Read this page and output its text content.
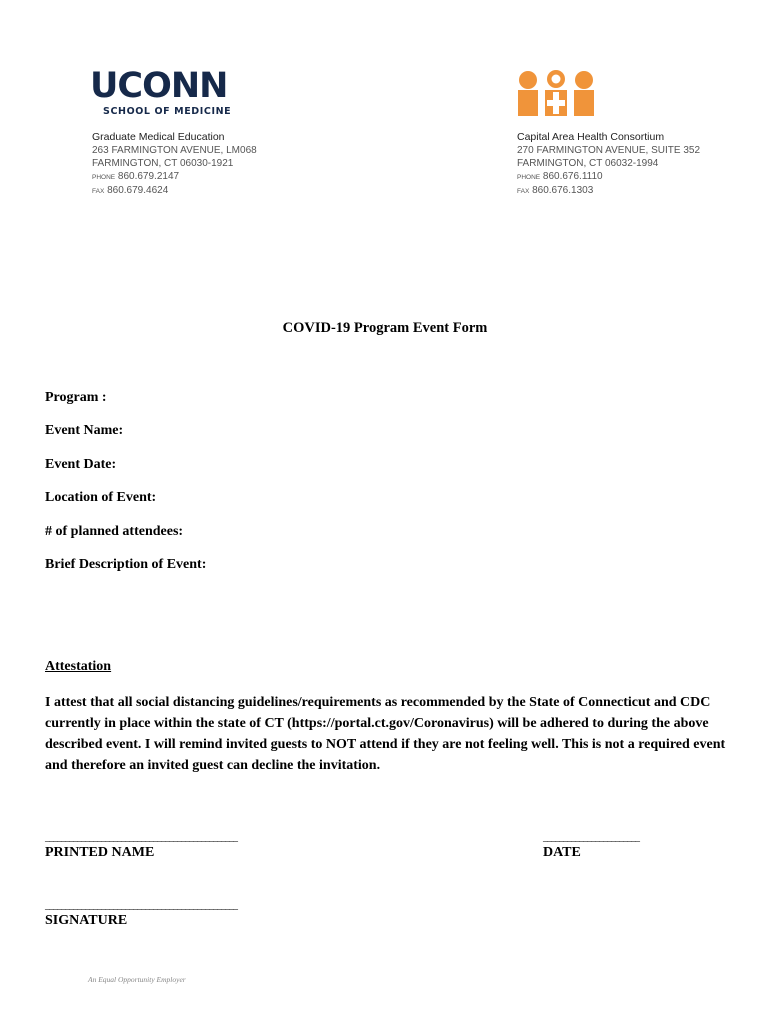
UCONN
SCHOOL OF MEDICINE
Graduate Medical Education
263 FARMINGTON AVENUE, LM068
FARMINGTON, CT 06030-1921
PHONE 860.679.2147
FAX 860.679.4624
Capital Area Health Consortium
270 FARMINGTON AVENUE, SUITE 352
FARMINGTON, CT 06032-1994
PHONE 860.676.1110
FAX 860.676.1303
COVID-19 Program Event Form
Program :
Event Name:
Event Date:
Location of Event:
# of planned attendees:
Brief Description of Event:
Attestation
I attest that all social distancing guidelines/requirements as recommended by the State of Connecticut and CDC currently in place within the state of CT (https://portal.ct.gov/Coronavirus) will be adhered to during the above described event. I will remind invited guests to NOT attend if they are not feeling well. This is not a required event and therefore an invited guest can decline the invitation.
________________________________________________
PRINTED NAME
________________________
DATE
________________________________________________
SIGNATURE
An Equal Opportunity Employer
